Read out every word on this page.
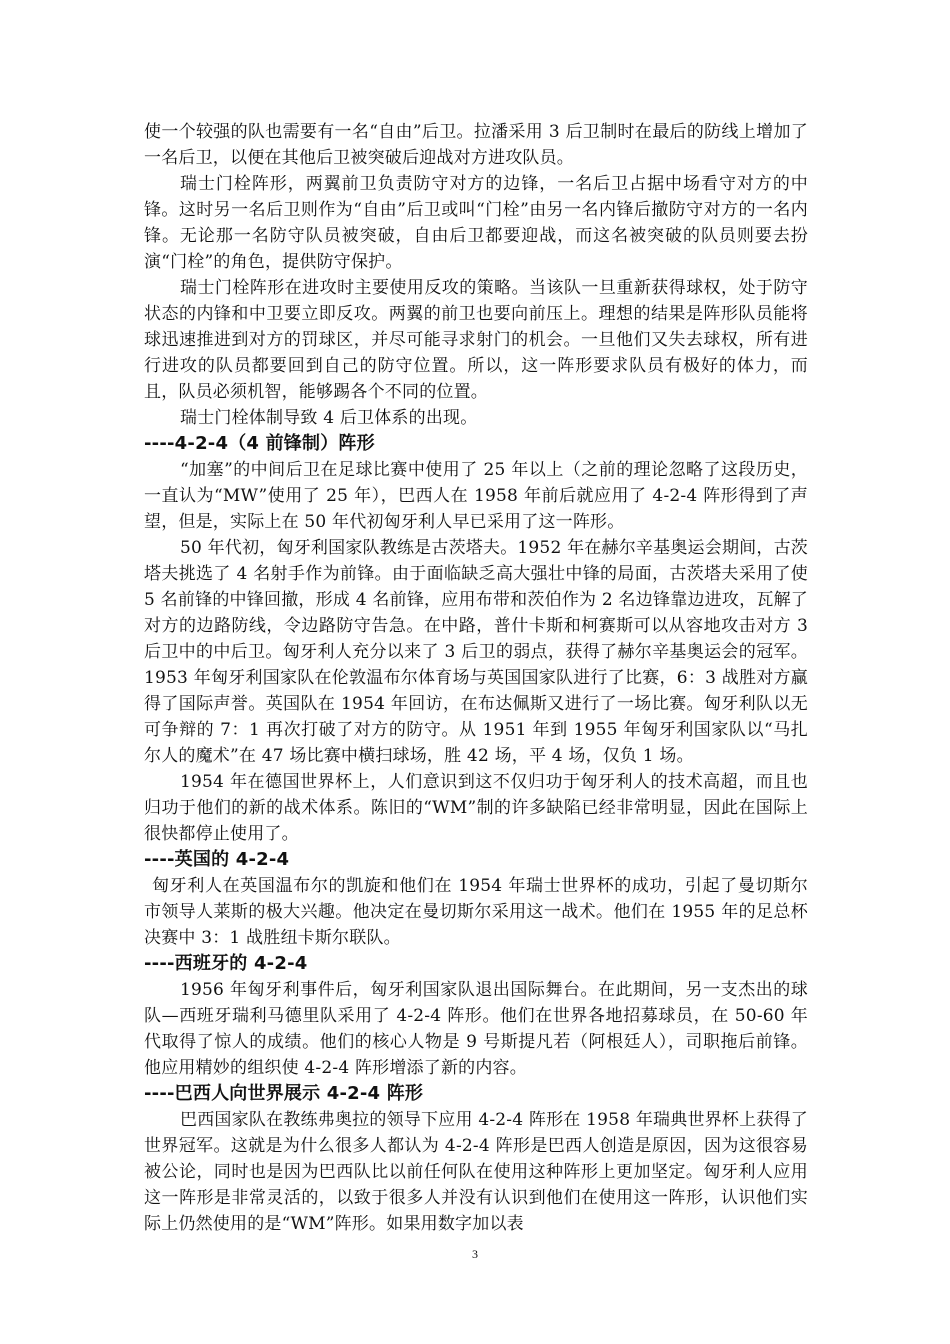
使一个较强的队也需要有一名“自由”后卫。拉潘采用 3 后卫制时在最后的防线上增加了一名后卫，以便在其他后卫被突破后迎战对方进攻队员。

瑞士门栓阵形，两翼前卫负责防守对方的边锋，一名后卫占据中场看守对方的中锋。这时另一名后卫则作为“自由”后卫或叫“门栓”由另一名内锋后撤防守对方的一名内锋。无论那一名防守队员被突破，自由后卫都要迎战，而这名被突破的队员则要去扮演“门栓”的角色，提供防守保护。

瑞士门栓阵形在进攻时主要使用反攻的策略。当该队一旦重新获得球权，处于防守状态的内锋和中卫要立即反攻。两翼的前卫也要向前压上。理想的结果是阵形队员能将球迅速推进到对方的罚球区，并尽可能寻求射门的机会。一旦他们又失去球权，所有进行进攻的队员都要回到自己的防守位置。所以，这一阵形要求队员有极好的体力，而且，队员必须机智，能够踢各个不同的位置。

瑞士门栓体制导致 4 后卫体系的出现。

----4-2-4（4 前锋制）阵形

“加塞”的中间后卫在足球比赛中使用了 25 年以上（之前的理论忽略了这段历史，一直认为“MW”使用了 25 年），巴西人在 1958 年前后就应用了 4-2-4 阵形得到了声望，但是，实际上在 50 年代初匈牙利人早已采用了这一阵形。

50 年代初，匈牙利国家队教练是古茨塔夫。1952 年在赫尔辛基奥运会期间，古茨塔夫挑选了 4 名射手作为前锋。由于面临缺乏高大强壮中锋的局面，古茨塔夫采用了使 5 名前锋的中锋回撤，形成 4 名前锋，应用布带和茨伯作为 2 名边锋靠边进攻，瓦解了对方的边路防线，令边路防守告急。在中路，普什卡斯和柯赛斯可以从容地攻击对方 3 后卫中的中后卫。匈牙利人充分以来了 3 后卫的弱点，获得了赫尔辛基奥运会的冠军。1953 年匈牙利国家队在伦敦温布尔体育场与英国国家队进行了比赛，6：3 战胜对方赢得了国际声誉。英国队在 1954 年回访，在布达佩斯又进行了一场比赛。匈牙利队以无可争辩的 7：1 再次打破了对方的防守。从 1951 年到 1955 年匈牙利国家队以“马扎尔人的魔术”在 47 场比赛中横扫球场，胜 42 场，平 4 场，仅负 1 场。

1954 年在德国世界杯上，人们意识到这不仅归功于匈牙利人的技术高超，而且也归功于他们的新的战术体系。陈旧的“WM”制的许多缺陷已经非常明显，因此在国际上很快都停止使用了。

----英国的 4-2-4

匈牙利人在英国温布尔的凯旋和他们在 1954 年瑞士世界杯的成功，引起了曼切斯尔市领导人莱斯的极大兴趣。他决定在曼切斯尔采用这一战术。他们在 1955 年的足总杯决赛中 3：1 战胜纽卡斯尔联队。

----西班牙的 4-2-4

1956 年匈牙利事件后，匈牙利国家队退出国际舞台。在此期间，另一支杰出的球队—西班牙瑞利马德里队采用了 4-2-4 阵形。他们在世界各地招募球员，在 50-60 年代取得了惊人的成绩。他们的核心人物是 9 号斯提凡若（阿根廷人），司职拖后前锋。他应用精妙的组织使 4-2-4 阵形增添了新的内容。

----巴西人向世界展示 4-2-4 阵形

巴西国家队在教练弗奥拉的领导下应用 4-2-4 阵形在 1958 年瑞典世界杯上获得了世界冠军。这就是为什么很多人都认为 4-2-4 阵形是巴西人创造是原因，因为这很容易被公论，同时也是因为巴西队比以前任何队在使用这种阵形上更加坚定。匈牙利人应用这一阵形是非常灵活的，以致于很多人并没有认识到他们在使用这一阵形，认识他们实际上仍然使用的是“WM”阵形。如果用数字加以表

3
